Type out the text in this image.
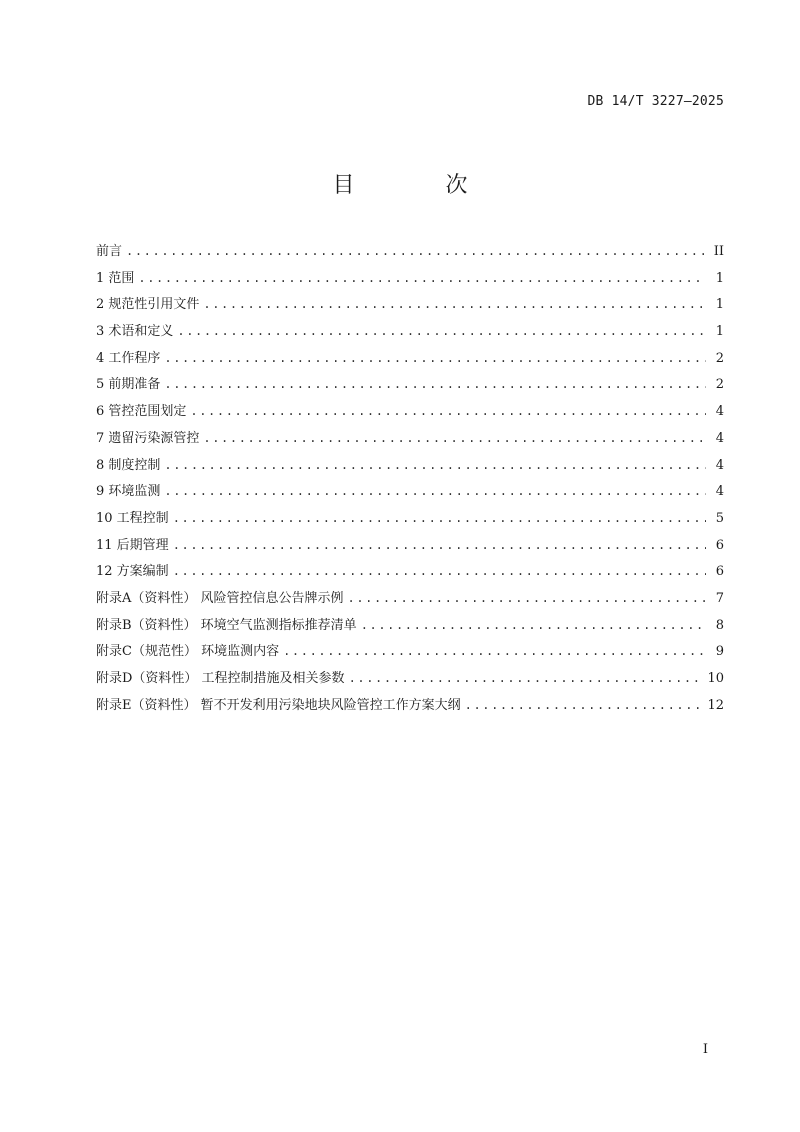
DB 14/T 3227—2025
目 次
前言 .....	II
1 范围 .....	1
2 规范性引用文件 .....	1
3 术语和定义 .....	1
4 工作程序 .....	2
5 前期准备 .....	2
6 管控范围划定 .....	4
7 遗留污染源管控 .....	4
8 制度控制 .....	4
9 环境监测 .....	4
10 工程控制 .....	5
11 后期管理 .....	6
12 方案编制 .....	6
附录A（资料性） 风险管控信息公告牌示例 .....	7
附录B（资料性） 环境空气监测指标推荐清单 .....	8
附录C（规范性） 环境监测内容 .....	9
附录D（资料性） 工程控制措施及相关参数 .....	10
附录E（资料性） 暂不开发利用污染地块风险管控工作方案大纲 .....	12
I
